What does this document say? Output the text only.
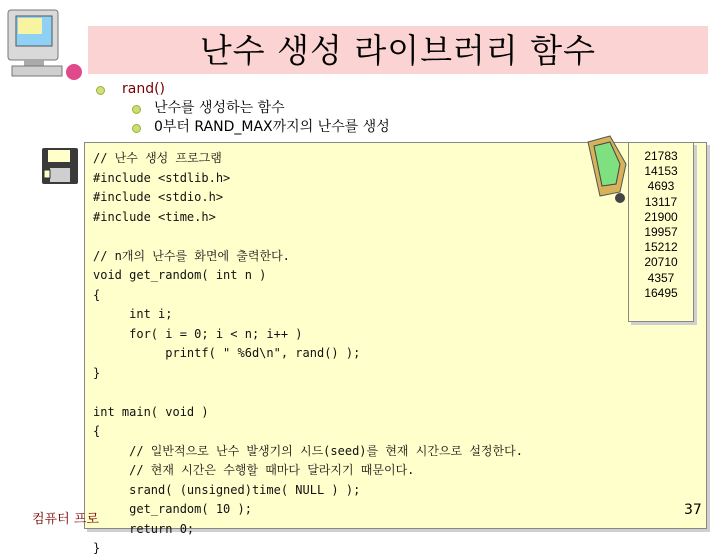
난수 생성 라이브러리 함수
rand()
난수를 생성하는 함수
0부터 RAND_MAX까지의 난수를 생성
// 난수 생성 프로그램
#include <stdlib.h>
#include <stdio.h>
#include <time.h>

// n개의 난수를 화면에 출력한다.
void get_random( int n )
{
int i;
for( i = 0; i < n; i++ )
printf( " %6d\n", rand() );
}

int main( void )
{
// 일반적으로 난수 발생기의 시드(seed)를 현재 시간으로 설정한다.
// 현재 시간은 수행할 때마다 달라지기 때문이다.
srand( (unsigned)time( NULL ) );
get_random( 10 );
return 0;
}
21783
14153
4693
13117
21900
19957
15212
20710
4357
16495
컴퓨터 프로
37
